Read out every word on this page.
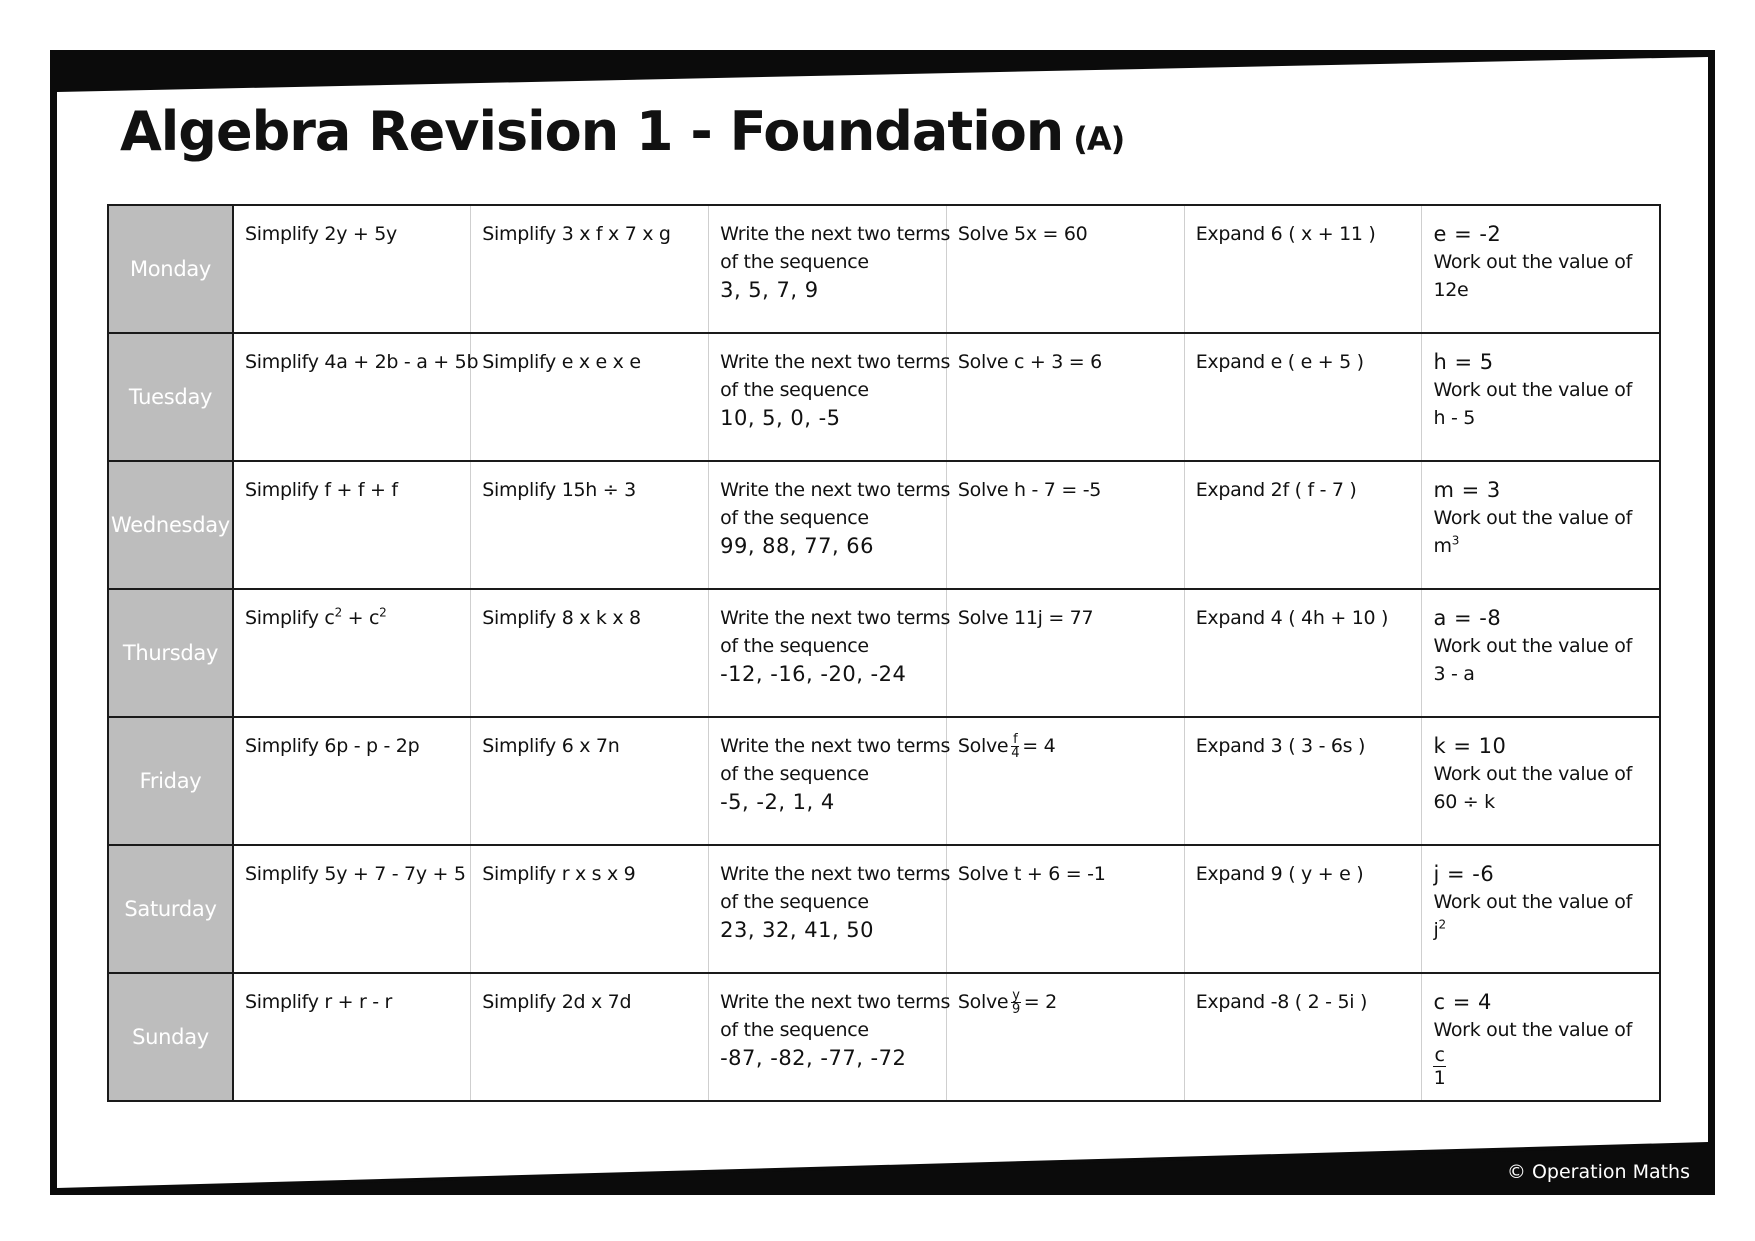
Algebra Revision 1 - Foundation (A)
Monday	Simplify 2y + 5y	Simplify 3 x f x 7 x g	Write the next two terms
of the sequence
3, 5, 7, 9	Solve 5x = 60	Expand 6 ( x + 11 )	e = -2
Work out the value of
12e

Tuesday	Simplify 4a + 2b - a + 5b	Simplify e x e x e	Write the next two terms
of the sequence
10, 5, 0, -5	Solve c + 3 = 6	Expand e ( e + 5 )	h = 5
Work out the value of
h - 5

Wednesday	Simplify f + f + f	Simplify 15h ÷ 3	Write the next two terms
of the sequence
99, 88, 77, 66	Solve h - 7 = -5	Expand 2f ( f - 7 )	m = 3
Work out the value of
$m^3$

Thursday	Simplify $c^2 + c^2$	Simplify 8 x k x 8	Write the next two terms
of the sequence
-12, -16, -20, -24	Solve 11j = 77	Expand 4 ( 4h + 10 )	a = -8
Work out the value of
3 - a

Friday	Simplify 6p - p - 2p	Simplify 6 x 7n	Write the next two terms
of the sequence
-5, -2, 1, 4	Solve $\frac{f}{4} = 4$	Expand 3 ( 3 - 6s )	k = 10
Work out the value of
60 ÷ k

Saturday	Simplify 5y + 7 - 7y + 5	Simplify r x s x 9	Write the next two terms
of the sequence
23, 32, 41, 50	Solve t + 6 = -1	Expand 9 ( y + e )	j = -6
Work out the value of
$j^2$

Sunday	Simplify r + r - r	Simplify 2d x 7d	Write the next two terms
of the sequence
-87, -82, -77, -72	Solve $\frac{y}{9} = 2$	Expand -8 ( 2 - 5i )	c = 4
Work out the value of
$\frac{c}{1}$
© Operation Maths
